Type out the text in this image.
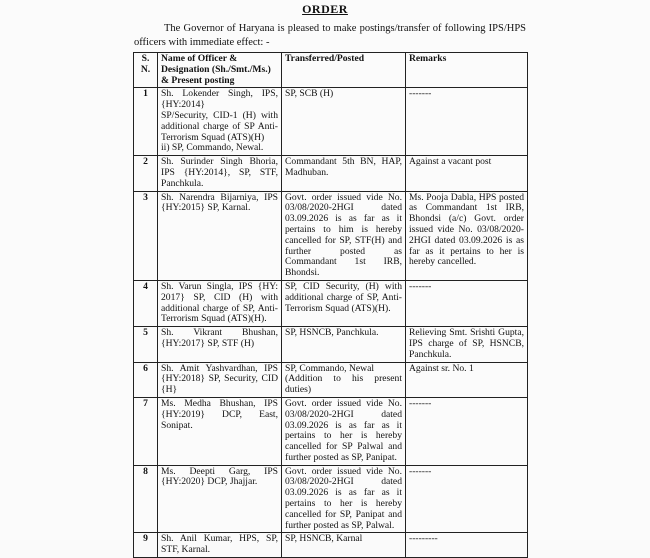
ORDER
The Governor of Haryana is pleased to make postings/transfer of following IPS/HPS officers with immediate effect: -
S. N.	Name of Officer & Designation (Sh./Smt./Ms.) & Present posting	Transferred/Posted	Remarks
1	Sh. Lokender Singh, IPS, {HY:2014}
SP/Security, CID-1 (H) with additional charge of SP Anti-Terrorism Squad (ATS)(H)
ii) SP, Commando, Newal.	SP, SCB (H)	-------
2	Sh. Surinder Singh Bhoria, IPS {HY:2014}, SP, STF, Panchkula.	Commandant 5th BN, HAP, Madhuban.	Against a vacant post
3	Sh. Narendra Bijarniya, IPS {HY:2015} SP, Karnal.	Govt. order issued vide No. 03/08/2020-2HGI dated 03.09.2026 is as far as it pertains to him is hereby cancelled for SP, STF(H) and further posted as Commandant 1st IRB, Bhondsi.	Ms. Pooja Dabla, HPS posted as Commandant 1st IRB, Bhondsi (a/c) Govt. order issued vide No. 03/08/2020-2HGI dated 03.09.2026 is as far as it pertains to her is hereby cancelled.
4	Sh. Varun Singla, IPS {HY: 2017} SP, CID (H) with additional charge of SP, Anti-Terrorism Squad (ATS)(H).	SP, CID Security, (H) with additional charge of SP, Anti-Terrorism Squad (ATS)(H).	-------
5	Sh. Vikrant Bhushan, {HY:2017} SP, STF (H)	SP, HSNCB, Panchkula.	Relieving Smt. Srishti Gupta, IPS charge of SP, HSNCB, Panchkula.
6	Sh. Amit Yashvardhan, IPS {HY:2018} SP, Security, CID {H}	SP, Commando, Newal
(Addition to his present duties)	Against sr. No. 1
7	Ms. Medha Bhushan, IPS {HY:2019} DCP, East, Sonipat.	Govt. order issued vide No. 03/08/2020-2HGI dated 03.09.2026 is as far as it pertains to her is hereby cancelled for SP Palwal and further posted as SP, Panipat.	-------
8	Ms. Deepti Garg, IPS {HY:2020} DCP, Jhajjar.	Govt. order issued vide No. 03/08/2020-2HGI dated 03.09.2026 is as far as it pertains to her is hereby cancelled for SP, Panipat and further posted as SP, Palwal.	-------
9	Sh. Anil Kumar, HPS, SP, STF, Karnal.	SP, HSNCB, Karnal	---------
